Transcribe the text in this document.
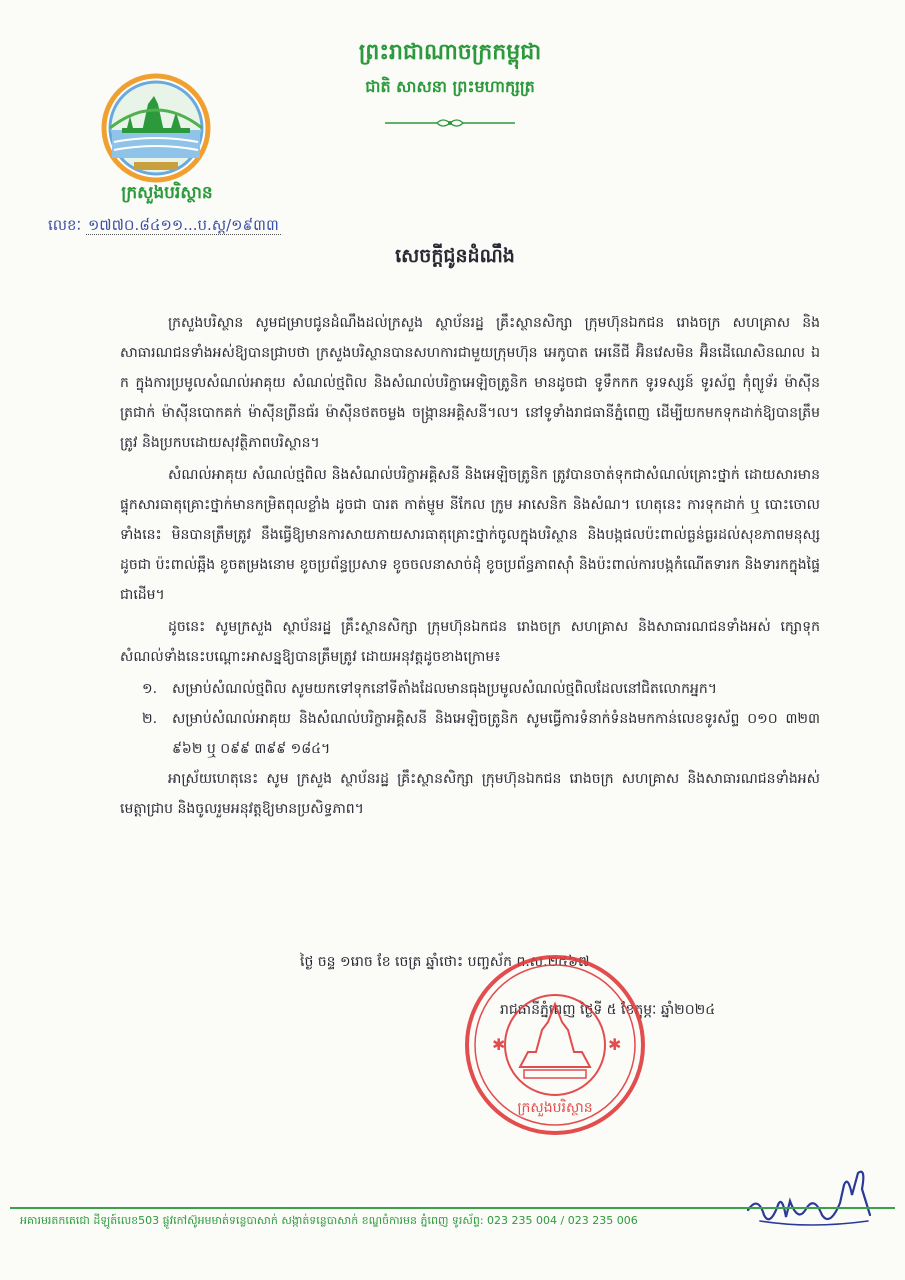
ព្រះរាជាណាចក្រកម្ពុជា
ជាតិ សាសនា ព្រះមហាក្សត្រ
ក្រសួងបរិស្ថាន
លេខៈ ១៧៧០.៨៤១១...ប.ស្ត/១៩៣៣
សេចក្តីជូនដំណឹង

ក្រសួងបរិស្ថាន សូមជម្រាបជូនដំណឹងដល់ក្រសួង ស្ថាប័នរដ្ឋ គ្រឹះស្ថានសិក្សា ក្រុមហ៊ុនឯកជន រោងចក្រ សហគ្រាស និងសាធារណជនទាំងអស់ឱ្យបានជ្រាបថា ក្រសួងបរិស្ថានបានសហការជាមួយក្រុមហ៊ុន អេកូបាត អេនើជី អ៊ិនវេសមិន អ៊ិនដើណេសិនណល ឯ ក ក្នុងការប្រមូលសំណល់អាគុយ សំណល់ថ្មពិល និងសំណល់បរិក្ខាអេឡិចត្រូនិក មានដូចជា ទូទឹកកក ទូរទស្សន៍ ទូរស័ព្ទ កុំព្យូទ័រ ម៉ាស៊ីនត្រជាក់ ម៉ាស៊ីនបោកគក់ ម៉ាស៊ីនព្រីនធ័រ ម៉ាស៊ីនថតចម្លង ចង្ក្រានអគ្គិសនី។ល។ នៅទូទាំងរាជធានីភ្នំពេញ ដើម្បីយកមកទុកដាក់ឱ្យបានត្រឹមត្រូវ និងប្រកបដោយសុវត្ថិភាពបរិស្ថាន។

សំណល់អាគុយ សំណល់ថ្មពិល និងសំណល់បរិក្ខាអគ្គិសនី និងអេឡិចត្រូនិក ត្រូវបានចាត់ទុកជាសំណល់គ្រោះថ្នាក់ ដោយសារមានផ្ទុកសារធាតុគ្រោះថ្នាក់មានកម្រិតពុលខ្លាំង ដូចជា បារត កាត់ម្ញូម នីកែល ក្រូម អាសេនិក និងសំណ។ ហេតុនេះ ការទុកដាក់ ឬ បោះចោលទាំងនេះ មិនបានត្រឹមត្រូវ នឹងធ្វើឱ្យមានការសាយភាយសារធាតុគ្រោះថ្នាក់ចូលក្នុងបរិស្ថាន និងបង្កផលប៉ះពាល់ធ្ងន់ធ្ងរដល់សុខភាពមនុស្ស ដូចជា ប៉ះពាល់ឆ្អឹង ខូចតម្រងនោម ខូចប្រព័ន្ធប្រសាទ ខូចចលនាសាច់ដុំ ខូចប្រព័ន្ធភាពស៊ាំ និងប៉ះពាល់ការបង្កកំណើតទារក និងទារកក្នុងផ្ទៃ ជាដើម។

ដូចនេះ សូមក្រសួង ស្ថាប័នរដ្ឋ គ្រឹះស្ថានសិក្សា ក្រុមហ៊ុនឯកជន រោងចក្រ សហគ្រាស និងសាធារណជនទាំងអស់ ក្សោទុកសំណល់ទាំងនេះបណ្តោះអាសន្នឱ្យបានត្រឹមត្រូវ ដោយអនុវត្តដូចខាងក្រោម៖

១. សម្រាប់សំណល់ថ្មពិល សូមយកទៅទុកនៅទីតាំងដែលមានធុងប្រមូលសំណល់ថ្មពិលដែលនៅជិតលោកអ្នក។

២. សម្រាប់សំណល់អាគុយ និងសំណល់បរិក្ខាអគ្គិសនី និងអេឡិចត្រូនិក សូមធ្វើការទំនាក់ទំនងមកកាន់លេខទូរស័ព្ទ ០១០ ៣២៣ ៩៦២ ឬ ០៩៩ ៣៩៩ ១៨៤។

អាស្រ័យហេតុនេះ សូម ក្រសួង ស្ថាប័នរដ្ឋ គ្រឹះស្ថានសិក្សា ក្រុមហ៊ុនឯកជន រោងចក្រ សហគ្រាស និងសាធារណជនទាំងអស់ មេត្តាជ្រាប និងចូលរួមអនុវត្តឱ្យមានប្រសិទ្ធភាព។

ថ្ងៃ ចន្ទ ១រោច ខែ ចេត្រ ឆ្នាំថោះ បញ្ចស័ក ព.ស.២៥៦៧
រាជធានីភ្នំពេញ ថ្ងៃទី ៥ ខែកុម្ភៈ ឆ្នាំ២០២៤
✱	✱
ក្រសួងបរិស្ថាន
អគារមរតកតេជោ ដីឡូត៍លេខ503 ផ្លូវកៅស៊ូអមមាត់ទន្លេបាសាក់ សង្កាត់ទន្លេបាសាក់ ខណ្ឌចំការមន ភ្នំពេញ ទូរស័ព្ទ: 023 235 004 / 023 235 006
